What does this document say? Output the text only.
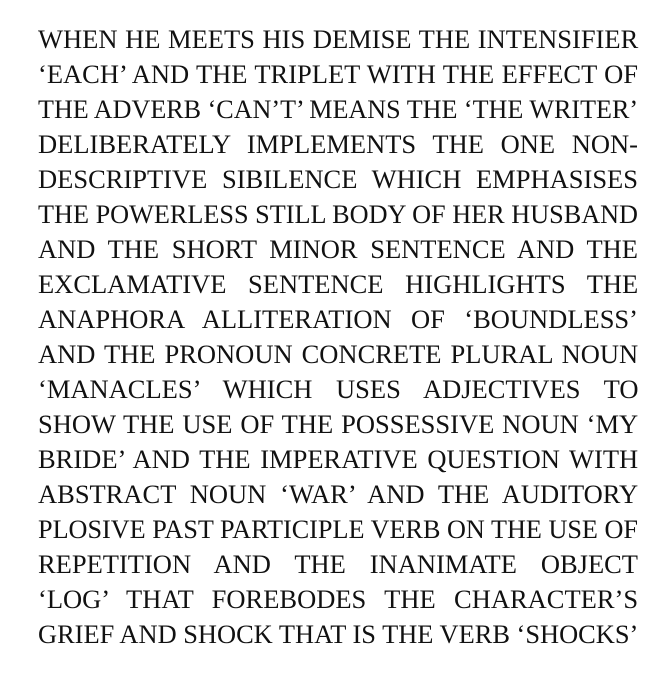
WHEN HE MEETS HIS DEMISE THE INTENSIFIER
‘EACH’ AND THE TRIPLET WITH THE EFFECT OF
THE ADVERB ‘CAN’T’ MEANS THE ‘THE WRITER’
DELIBERATELY IMPLEMENTS THE ONE NON-
DESCRIPTIVE SIBILENCE WHICH EMPHASISES
THE POWERLESS STILL BODY OF HER HUSBAND
AND THE SHORT MINOR SENTENCE AND THE
EXCLAMATIVE SENTENCE HIGHLIGHTS THE
ANAPHORA ALLITERATION OF ‘BOUNDLESS’
AND THE PRONOUN CONCRETE PLURAL NOUN
‘MANACLES’ WHICH USES ADJECTIVES TO
SHOW THE USE OF THE POSSESSIVE NOUN ‘MY
BRIDE’ AND THE IMPERATIVE QUESTION WITH
ABSTRACT NOUN ‘WAR’ AND THE AUDITORY
PLOSIVE PAST PARTICIPLE VERB ON THE USE OF
REPETITION AND THE INANIMATE OBJECT
‘LOG’ THAT FOREBODES THE CHARACTER’S
GRIEF AND SHOCK THAT IS THE VERB ‘SHOCKS’
